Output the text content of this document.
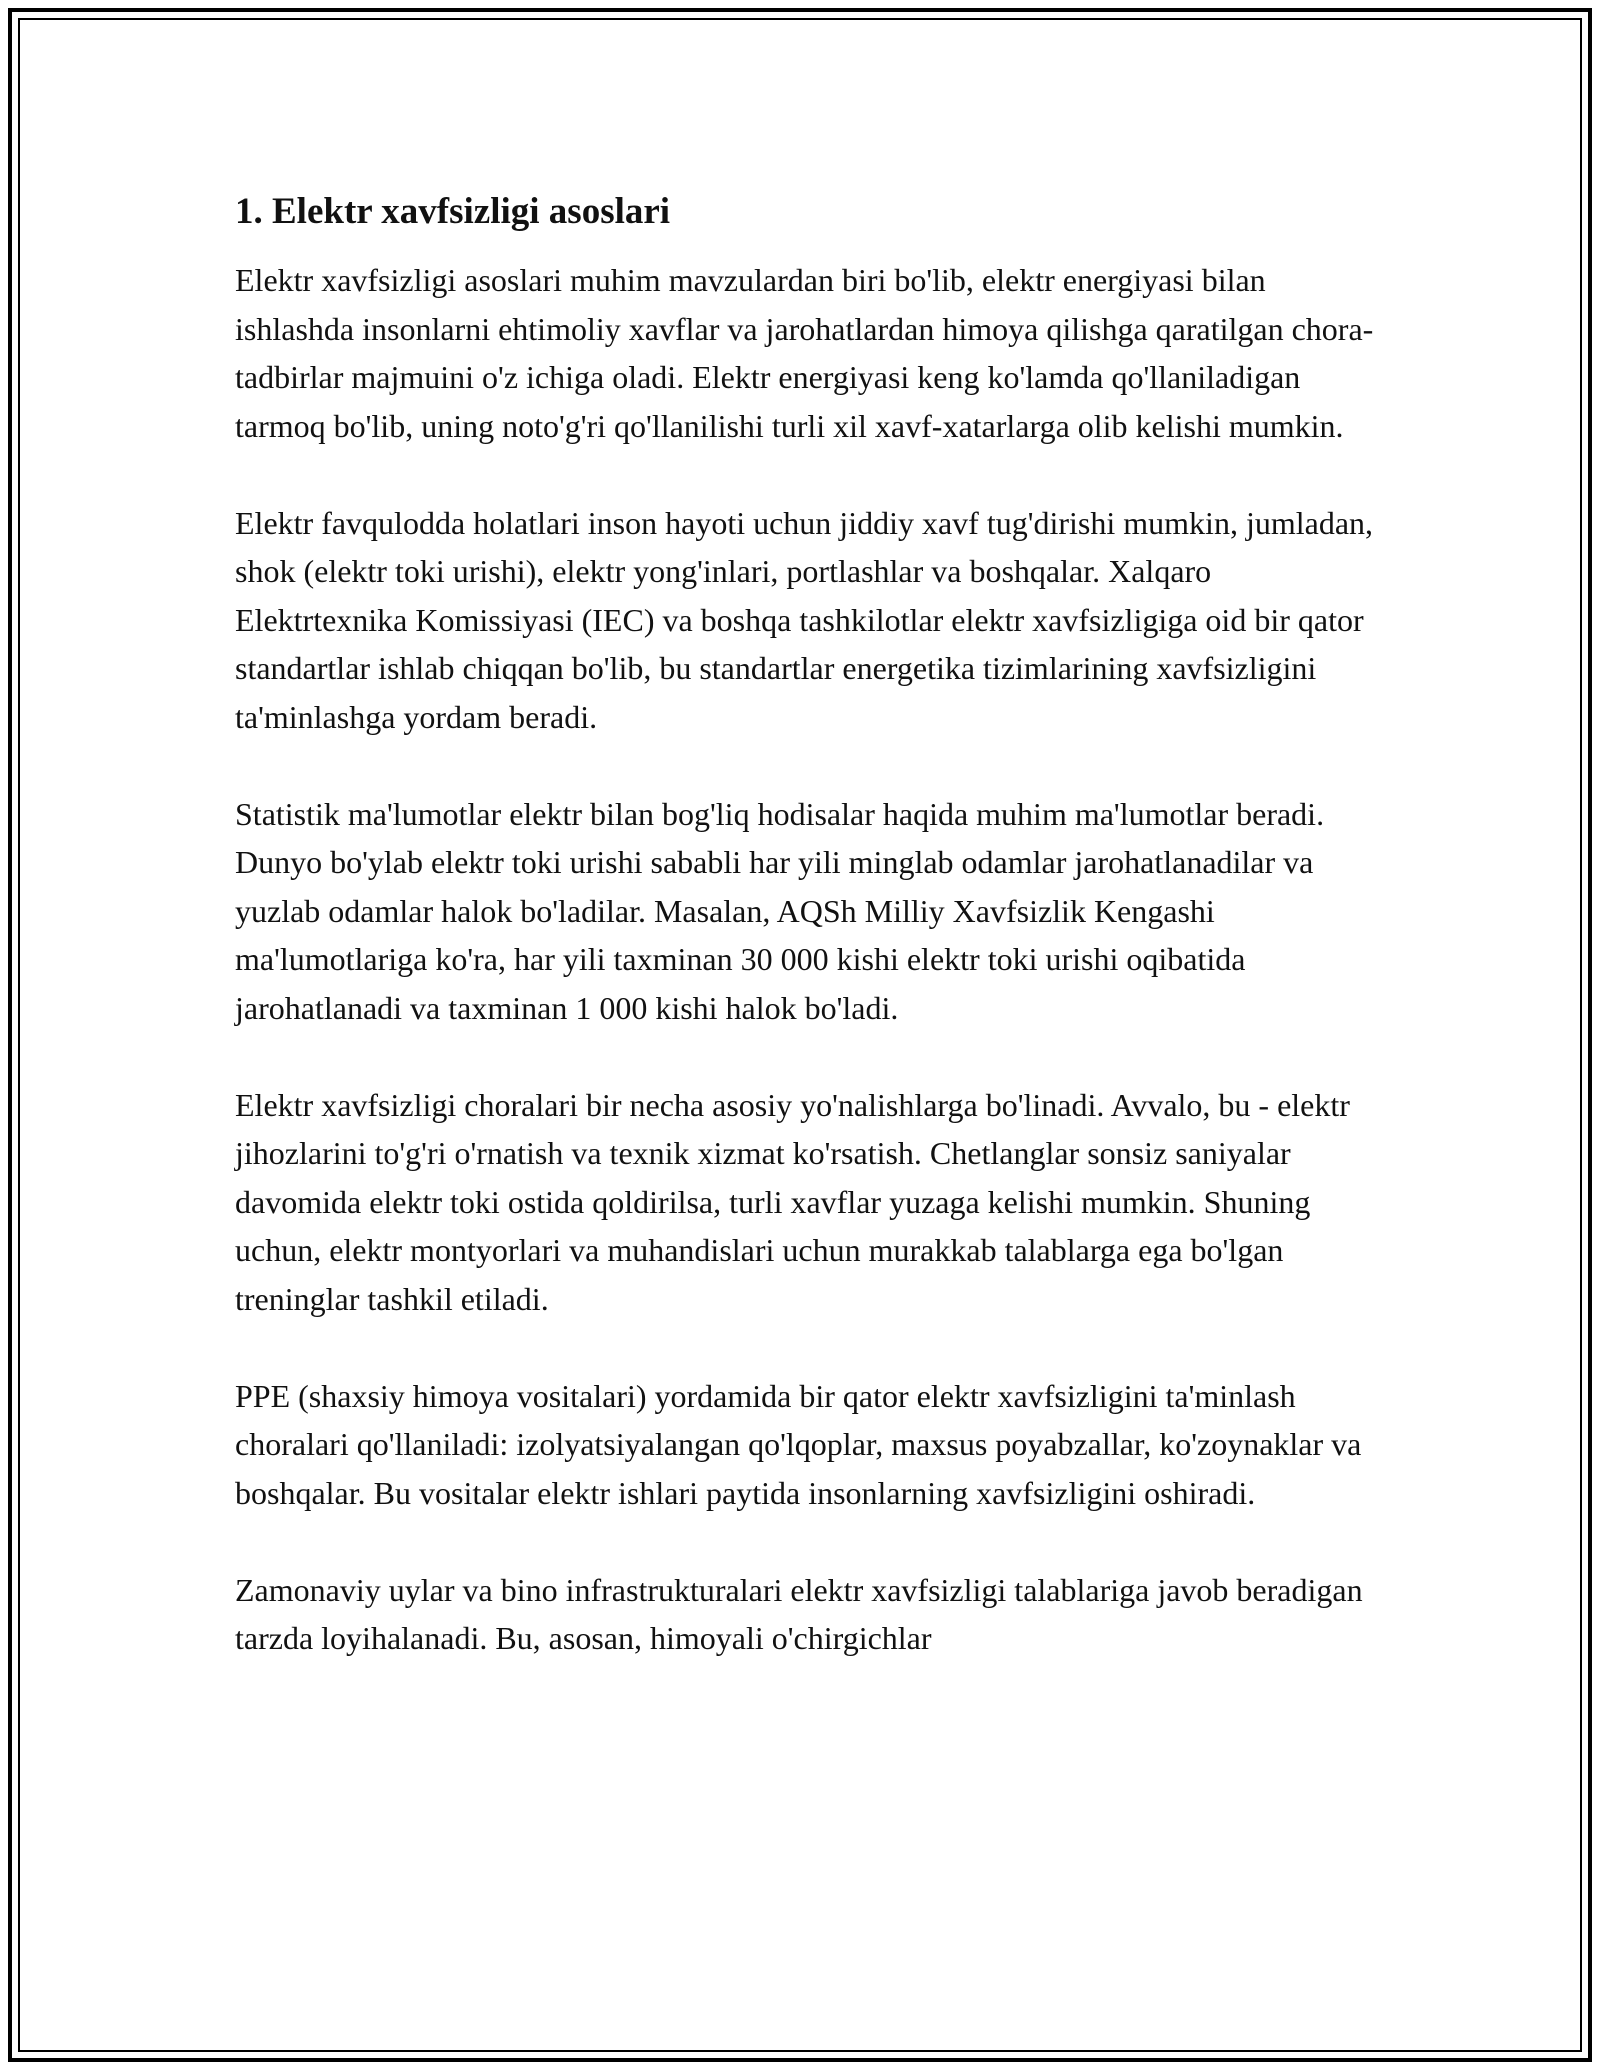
1. Elektr xavfsizligi asoslari

Elektr xavfsizligi asoslari muhim mavzulardan biri bo'lib, elektr energiyasi bilan ishlashda insonlarni ehtimoliy xavflar va jarohatlardan himoya qilishga qaratilgan chora-tadbirlar majmuini o'z ichiga oladi. Elektr energiyasi keng ko'lamda qo'llaniladigan tarmoq bo'lib, uning noto'g'ri qo'llanilishi turli xil xavf-xatarlarga olib kelishi mumkin.

Elektr favqulodda holatlari inson hayoti uchun jiddiy xavf tug'dirishi mumkin, jumladan, shok (elektr toki urishi), elektr yong'inlari, portlashlar va boshqalar. Xalqaro Elektrtexnika Komissiyasi (IEC) va boshqa tashkilotlar elektr xavfsizligiga oid bir qator standartlar ishlab chiqqan bo'lib, bu standartlar energetika tizimlarining xavfsizligini ta'minlashga yordam beradi.

Statistik ma'lumotlar elektr bilan bog'liq hodisalar haqida muhim ma'lumotlar beradi. Dunyo bo'ylab elektr toki urishi sababli har yili minglab odamlar jarohatlanadilar va yuzlab odamlar halok bo'ladilar. Masalan, AQSh Milliy Xavfsizlik Kengashi ma'lumotlariga ko'ra, har yili taxminan 30 000 kishi elektr toki urishi oqibatida jarohatlanadi va taxminan 1 000 kishi halok bo'ladi.

Elektr xavfsizligi choralari bir necha asosiy yo'nalishlarga bo'linadi. Avvalo, bu - elektr jihozlarini to'g'ri o'rnatish va texnik xizmat ko'rsatish. Chetlanglar sonsiz saniyalar davomida elektr toki ostida qoldirilsa, turli xavflar yuzaga kelishi mumkin. Shuning uchun, elektr montyorlari va muhandislari uchun murakkab talablarga ega bo'lgan treninglar tashkil etiladi.

PPE (shaxsiy himoya vositalari) yordamida bir qator elektr xavfsizligini ta'minlash choralari qo'llaniladi: izolyatsiyalangan qo'lqoplar, maxsus poyabzallar, ko'zoynaklar va boshqalar. Bu vositalar elektr ishlari paytida insonlarning xavfsizligini oshiradi.

Zamonaviy uylar va bino infrastrukturalari elektr xavfsizligi talablariga javob beradigan tarzda loyihalanadi. Bu, asosan, himoyali o'chirgichlar
